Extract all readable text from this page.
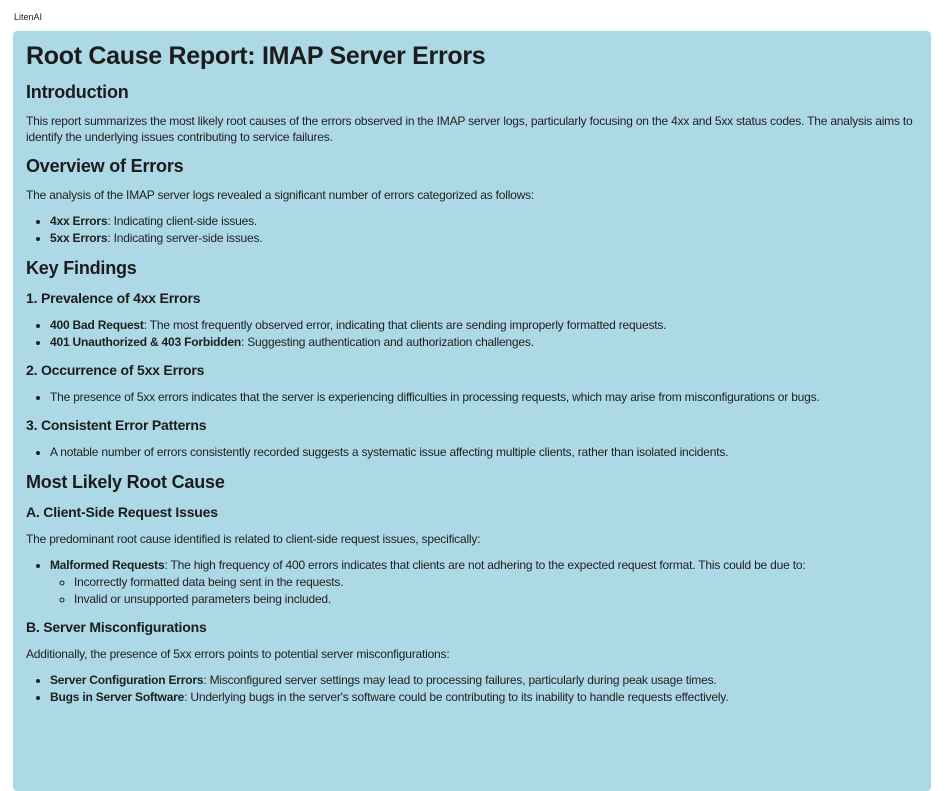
LitenAI
Root Cause Report: IMAP Server Errors
Introduction

This report summarizes the most likely root causes of the errors observed in the IMAP server logs, particularly focusing on the 4xx and 5xx status codes. The analysis aims to identify the underlying issues contributing to service failures.

Overview of Errors

The analysis of the IMAP server logs revealed a significant number of errors categorized as follows:

• 4xx Errors: Indicating client-side issues.
• 5xx Errors: Indicating server-side issues.
Key Findings
1. Prevalence of 4xx Errors
• 400 Bad Request: The most frequently observed error, indicating that clients are sending improperly formatted requests.
• 401 Unauthorized & 403 Forbidden: Suggesting authentication and authorization challenges.
2. Occurrence of 5xx Errors
• The presence of 5xx errors indicates that the server is experiencing difficulties in processing requests, which may arise from misconfigurations or bugs.
3. Consistent Error Patterns
• A notable number of errors consistently recorded suggests a systematic issue affecting multiple clients, rather than isolated incidents.
Most Likely Root Cause
A. Client-Side Request Issues

The predominant root cause identified is related to client-side request issues, specifically:

• Malformed Requests: The high frequency of 400 errors indicates that clients are not adhering to the expected request format. This could be due to:
◦ Incorrectly formatted data being sent in the requests.
◦ Invalid or unsupported parameters being included.
B. Server Misconfigurations

Additionally, the presence of 5xx errors points to potential server misconfigurations:

• Server Configuration Errors: Misconfigured server settings may lead to processing failures, particularly during peak usage times.
• Bugs in Server Software: Underlying bugs in the server's software could be contributing to its inability to handle requests effectively.
